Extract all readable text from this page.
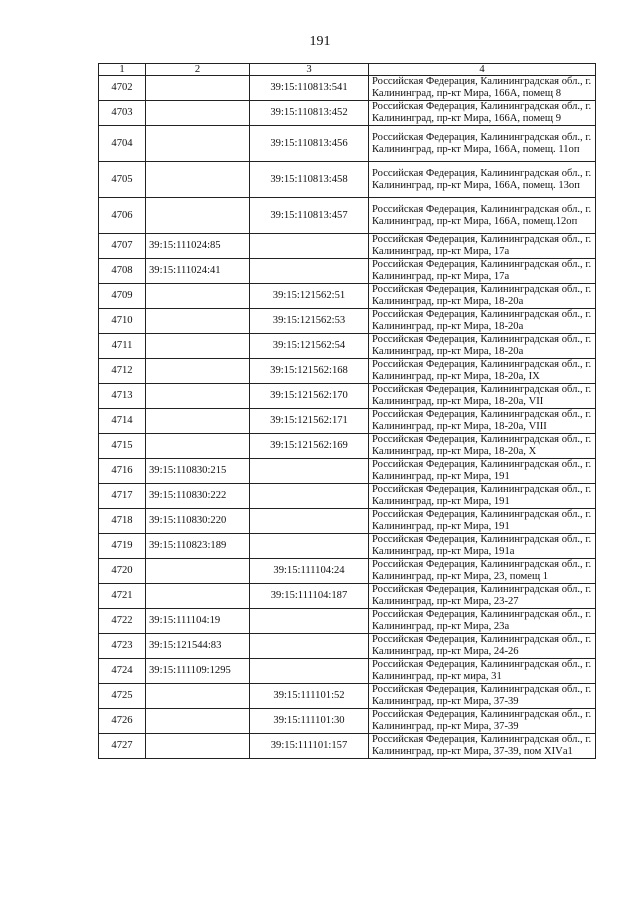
191
1	2	3	4
4702		39:15:110813:541	Российская Федерация, Калининградская обл., г. Калининград, пр-кт Мира, 166А, помещ 8
4703		39:15:110813:452	Российская Федерация, Калининградская обл., г. Калининград, пр-кт Мира, 166А, помещ 9
4704		39:15:110813:456	Российская Федерация, Калининградская обл., г. Калининград, пр-кт Мира, 166А, помещ. 11оп
4705		39:15:110813:458	Российская Федерация, Калининградская обл., г. Калининград, пр-кт Мира, 166А, помещ. 13оп
4706		39:15:110813:457	Российская Федерация, Калининградская обл., г. Калининград, пр-кт Мира, 166А, помещ.12оп
4707	39:15:111024:85		Российская Федерация, Калининградская обл., г. Калининград, пр-кт Мира, 17а
4708	39:15:111024:41		Российская Федерация, Калининградская обл., г. Калининград, пр-кт Мира, 17а
4709		39:15:121562:51	Российская Федерация, Калининградская обл., г. Калининград, пр-кт Мира, 18-20а
4710		39:15:121562:53	Российская Федерация, Калининградская обл., г. Калининград, пр-кт Мира, 18-20а
4711		39:15:121562:54	Российская Федерация, Калининградская обл., г. Калининград, пр-кт Мира, 18-20а
4712		39:15:121562:168	Российская Федерация, Калининградская обл., г. Калининград, пр-кт Мира, 18-20а, IX
4713		39:15:121562:170	Российская Федерация, Калининградская обл., г. Калининград, пр-кт Мира, 18-20а, VII
4714		39:15:121562:171	Российская Федерация, Калининградская обл., г. Калининград, пр-кт Мира, 18-20а, VIII
4715		39:15:121562:169	Российская Федерация, Калининградская обл., г. Калининград, пр-кт Мира, 18-20а, X
4716	39:15:110830:215		Российская Федерация, Калининградская обл., г. Калининград, пр-кт Мира, 191
4717	39:15:110830:222		Российская Федерация, Калининградская обл., г. Калининград, пр-кт Мира, 191
4718	39:15:110830:220		Российская Федерация, Калининградская обл., г. Калининград, пр-кт Мира, 191
4719	39:15:110823:189		Российская Федерация, Калининградская обл., г. Калининград, пр-кт Мира, 191а
4720		39:15:111104:24	Российская Федерация, Калининградская обл., г. Калининград, пр-кт Мира, 23, помещ 1
4721		39:15:111104:187	Российская Федерация, Калининградская обл., г. Калининград, пр-кт Мира, 23-27
4722	39:15:111104:19		Российская Федерация, Калининградская обл., г. Калининград, пр-кт Мира, 23а
4723	39:15:121544:83		Российская Федерация, Калининградская обл., г. Калининград, пр-кт Мира, 24-26
4724	39:15:111109:1295		Российская Федерация, Калининградская обл., г. Калининград, пр-кт мира, 31
4725		39:15:111101:52	Российская Федерация, Калининградская обл., г. Калининград, пр-кт Мира, 37-39
4726		39:15:111101:30	Российская Федерация, Калининградская обл., г. Калининград, пр-кт Мира, 37-39
4727		39:15:111101:157	Российская Федерация, Калининградская обл., г. Калининград, пр-кт Мира, 37-39, пом XIVа1
